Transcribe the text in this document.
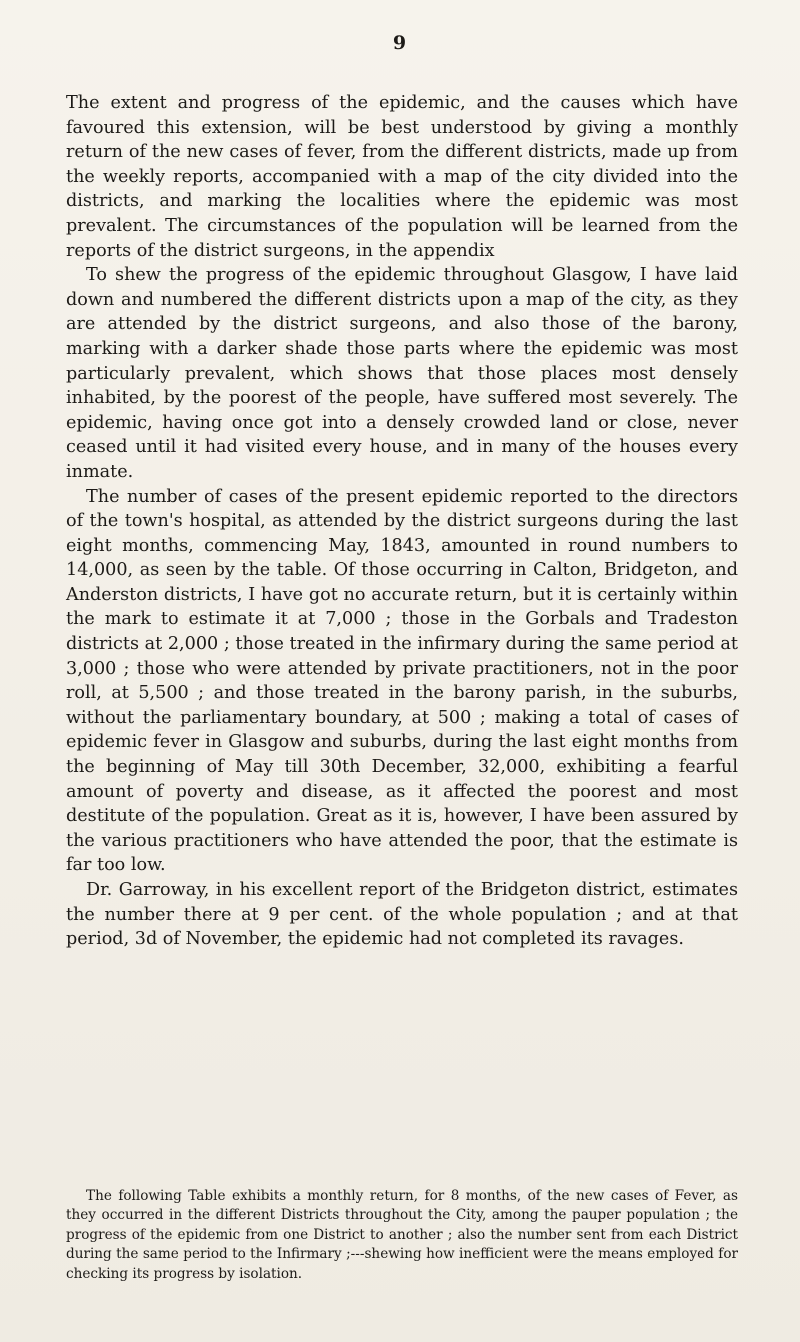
9

The extent and progress of the epidemic, and the causes which have favoured this extension, will be best understood by giving a monthly return of the new cases of fever, from the different districts, made up from the weekly reports, accompanied with a map of the city divided into the districts, and marking the localities where the epidemic was most prevalent. The circumstances of the population will be learned from the reports of the district surgeons, in the appendix

To shew the progress of the epidemic throughout Glasgow, I have laid down and numbered the different districts upon a map of the city, as they are attended by the district surgeons, and also those of the barony, marking with a darker shade those parts where the epidemic was most particularly prevalent, which shows that those places most densely inhabited, by the poorest of the people, have suffered most severely. The epidemic, having once got into a densely crowded land or close, never ceased until it had visited every house, and in many of the houses every inmate.

The number of cases of the present epidemic reported to the directors of the town's hospital, as attended by the district surgeons during the last eight months, commencing May, 1843, amounted in round numbers to 14,000, as seen by the table. Of those occurring in Calton, Bridgeton, and Anderston districts, I have got no accurate return, but it is certainly within the mark to estimate it at 7,000 ; those in the Gorbals and Tradeston districts at 2,000 ; those treated in the infirmary during the same period at 3,000 ; those who were attended by private practitioners, not in the poor roll, at 5,500 ; and those treated in the barony parish, in the suburbs, without the parliamentary boundary, at 500 ; making a total of cases of epidemic fever in Glasgow and suburbs, during the last eight months from the beginning of May till 30th December, 32,000, exhibiting a fearful amount of poverty and disease, as it affected the poorest and most destitute of the population. Great as it is, however, I have been assured by the various practitioners who have attended the poor, that the estimate is far too low.

Dr. Garroway, in his excellent report of the Bridgeton district, estimates the number there at 9 per cent. of the whole population ; and at that period, 3d of November, the epidemic had not completed its ravages.

The following Table exhibits a monthly return, for 8 months, of the new cases of Fever, as they occurred in the different Districts throughout the City, among the pauper population ; the progress of the epidemic from one District to another ; also the number sent from each District during the same period to the Infirmary ;---shewing how inefficient were the means employed for checking its progress by isolation.
